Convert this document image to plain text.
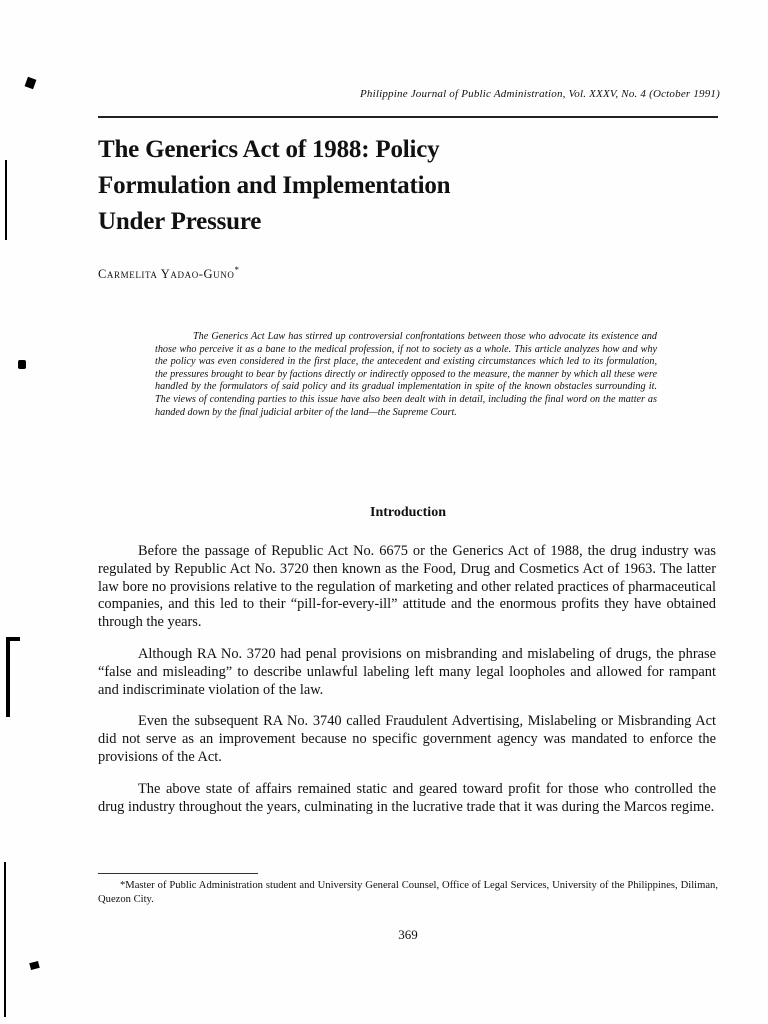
Philippine Journal of Public Administration, Vol. XXXV, No. 4 (October 1991)
The Generics Act of 1988: Policy
Formulation and Implementation
Under Pressure
Carmelita Yadao-Guno*

The Generics Act Law has stirred up controversial confrontations between those who advocate its existence and those who perceive it as a bane to the medical profession, if not to society as a whole. This article analyzes how and why the policy was even considered in the first place, the antecedent and existing circumstances which led to its formulation, the pressures brought to bear by factions directly or indirectly opposed to the measure, the manner by which all these were handled by the formulators of said policy and its gradual implementation in spite of the known obstacles surrounding it. The views of contending parties to this issue have also been dealt with in detail, including the final word on the matter as handed down by the final judicial arbiter of the land—the Supreme Court.

Introduction

Before the passage of Republic Act No. 6675 or the Generics Act of 1988, the drug industry was regulated by Republic Act No. 3720 then known as the Food, Drug and Cosmetics Act of 1963. The latter law bore no provisions relative to the regulation of marketing and other related practices of pharmaceutical companies, and this led to their “pill-for-every-ill” attitude and the enormous profits they have obtained through the years.

Although RA No. 3720 had penal provisions on misbranding and mislabeling of drugs, the phrase “false and misleading” to describe unlawful labeling left many legal loopholes and allowed for rampant and indiscriminate violation of the law.

Even the subsequent RA No. 3740 called Fraudulent Advertising, Mislabeling or Misbranding Act did not serve as an improvement because no specific government agency was mandated to enforce the provisions of the Act.

The above state of affairs remained static and geared toward profit for those who controlled the drug industry throughout the years, culminating in the lucrative trade that it was during the Marcos regime.

*Master of Public Administration student and University General Counsel, Office of Legal Services, University of the Philippines, Diliman, Quezon City.

369
